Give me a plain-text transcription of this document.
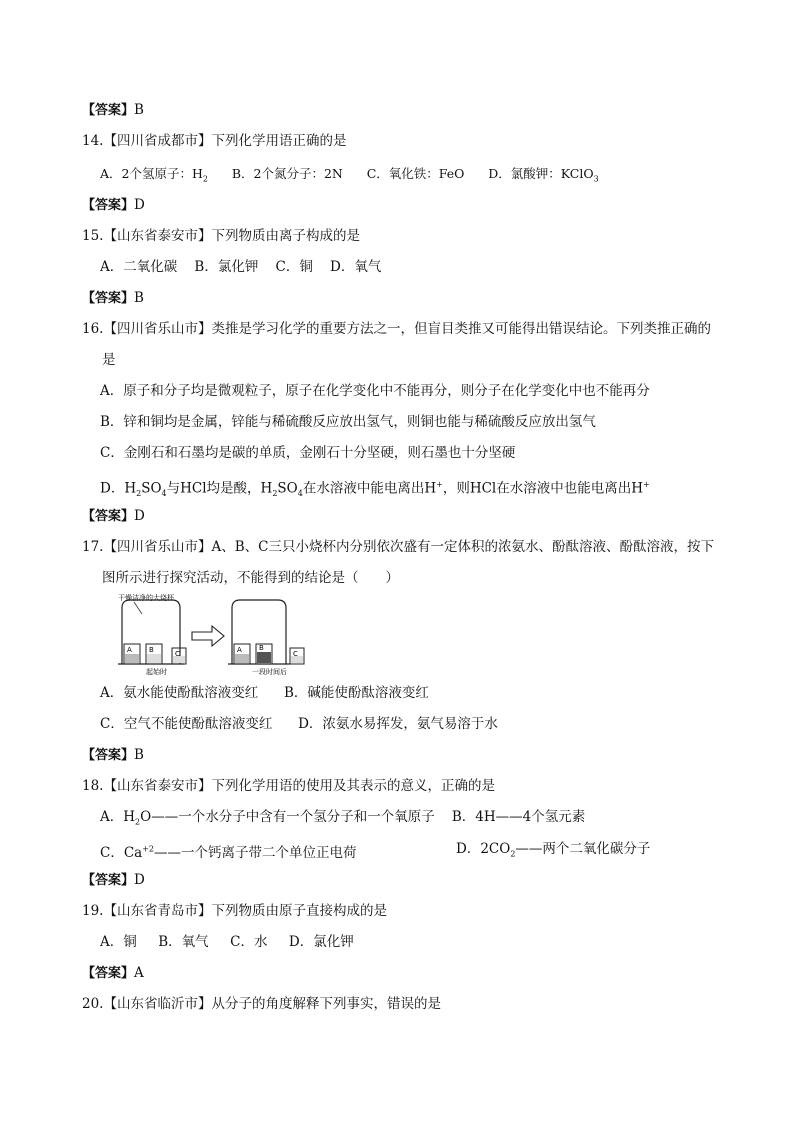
【答案】B
14.【四川省成都市】下列化学用语正确的是
A．2个氢原子：$H_2$ B．2个氮分子：2N C．氧化铁：FeO D．氯酸钾：KClO$_3$
【答案】D
15.【山东省泰安市】下列物质由离子构成的是
A．二氧化碳 B．氯化钾 C．铜 D．氧气
【答案】B
16.【四川省乐山市】类推是学习化学的重要方法之一，但盲目类推又可能得出错误结论。下列类推正确的
是
A．原子和分子均是微观粒子，原子在化学变化中不能再分，则分子在化学变化中也不能再分
B．锌和铜均是金属，锌能与稀硫酸反应放出氢气，则铜也能与稀硫酸反应放出氢气
C．金刚石和石墨均是碳的单质，金刚石十分坚硬，则石墨也十分坚硬
D．$H_2SO_4$与HCl均是酸，$H_2SO_4$在水溶液中能电离出H+，则HCl在水溶液中也能电离出H+
【答案】D
17.【四川省乐山市】A、B、C三只小烧杯内分别依次盛有一定体积的浓氨水、酚酞溶液、酚酞溶液，按下
图所示进行探究活动，不能得到的结论是（　　）
干燥洁净的大烧杯
A B	C
起始时
A B
C
一段时间后
A．氨水能使酚酞溶液变红 B．碱能使酚酞溶液变红
C．空气不能使酚酞溶液变红 D．浓氨水易挥发，氨气易溶于水
【答案】B
18.【山东省泰安市】下列化学用语的使用及其表示的意义，正确的是
A．$H_2O——$一个水分子中含有一个氢分子和一个氧原子 B．4H——4个氢元素
C．$Ca^{+2}——$一个钙离子带二个单位正电荷	D．$2CO_2——$两个二氧化碳分子
【答案】D
19.【山东省青岛市】下列物质由原子直接构成的是
A．铜 B．氧气 C．水 D．氯化钾
【答案】A
20.【山东省临沂市】从分子的角度解释下列事实，错误的是
